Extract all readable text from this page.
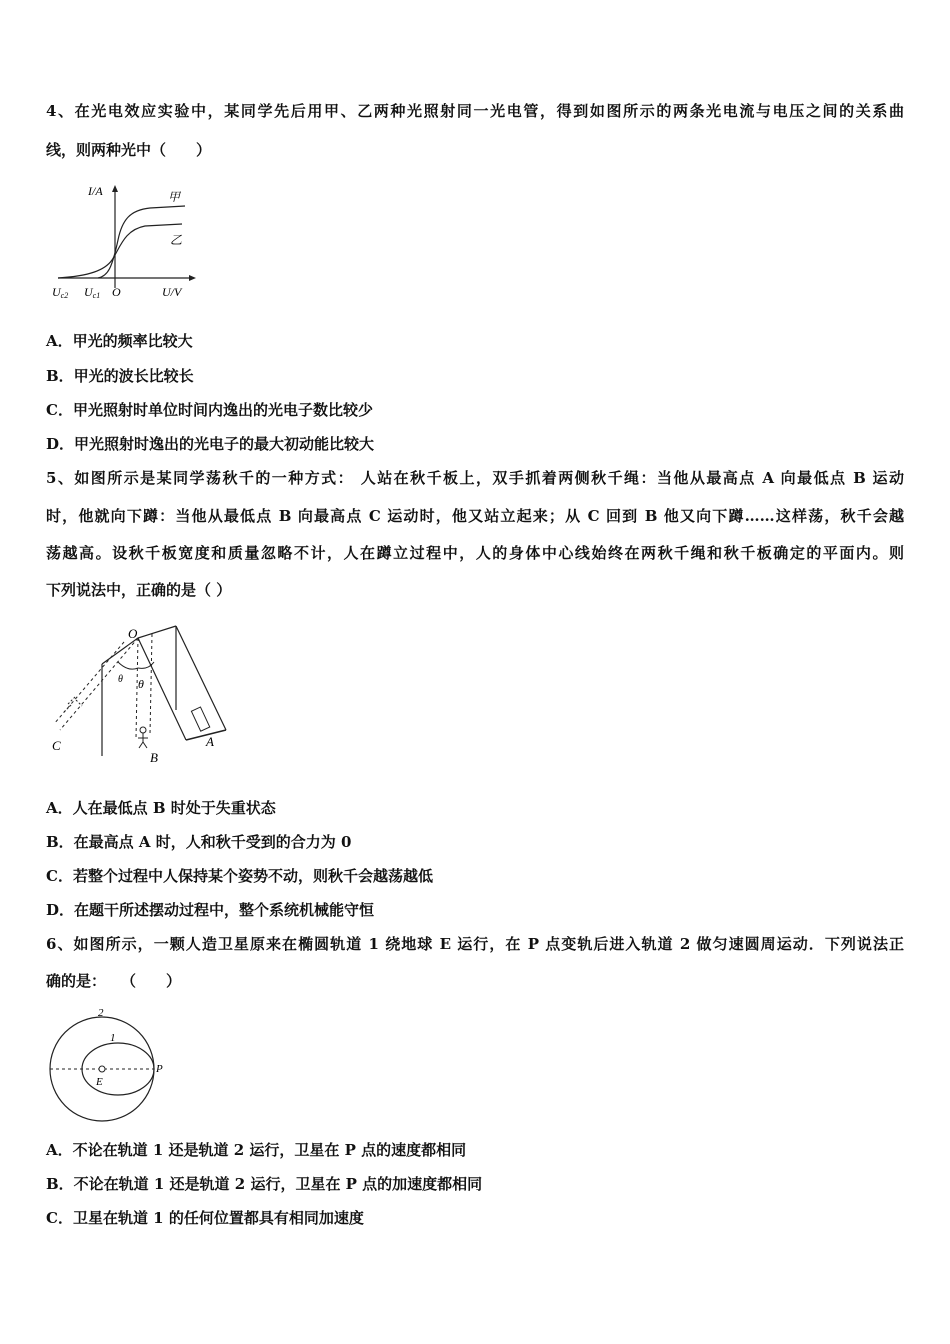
4、在光电效应实验中，某同学先后用甲、乙两种光照射同一光电管，得到如图所示的两条光电流与电压之间的关系曲
线，则两种光中（　　）
I/A	甲
乙
Uc2 Uc1 O	U/V
A．甲光的频率比较大
B．甲光的波长比较长
C．甲光照射时单位时间内逸出的光电子数比较少
D．甲光照射时逸出的光电子的最大初动能比较大
5、如图所示是某同学荡秋千的一种方式： 人站在秋千板上，双手抓着两侧秋千绳：当他从最高点 A 向最低点 B 运动
时，他就向下蹲：当他从最低点 B 向最高点 C 运动时，他又站立起来；从 C 回到 B 他又向下蹲……这样荡，秋千会越
荡越高。设秋千板宽度和质量忽略不计，人在蹲立过程中，人的身体中心线始终在两秋千绳和秋千板确定的平面内。则
下列说法中，正确的是（ ）
O
θ θ
A
B
C
A．人在最低点 B 时处于失重状态
B．在最高点 A 时，人和秋千受到的合力为 0
C．若整个过程中人保持某个姿势不动，则秋千会越荡越低
D．在题干所述摆动过程中，整个系统机械能守恒
6、如图所示，一颗人造卫星原来在椭圆轨道 1 绕地球 E 运行，在 P 点变轨后进入轨道 2 做匀速圆周运动．下列说法正
确的是：　　（　　）
2
1
E
P
A．不论在轨道 1 还是轨道 2 运行，卫星在 P 点的速度都相同
B．不论在轨道 1 还是轨道 2 运行，卫星在 P 点的加速度都相同
C．卫星在轨道 1 的任何位置都具有相同加速度
